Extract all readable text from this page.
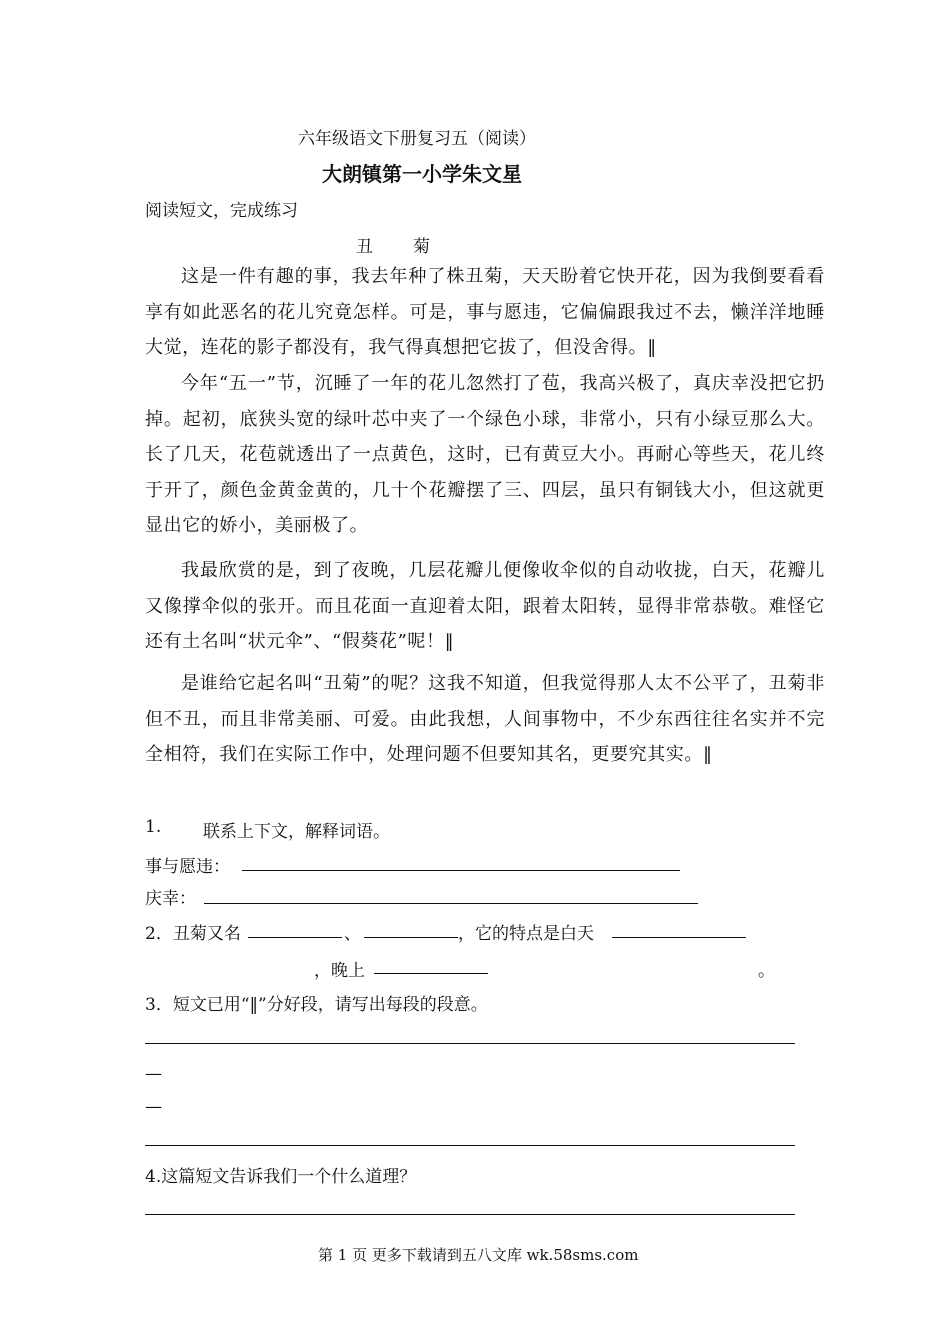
六年级语文下册复习五（阅读）
大朗镇第一小学朱文星
阅读短文，完成练习
丑 菊
这是一件有趣的事，我去年种了株丑菊，天天盼着它快开花，因为我倒要看看享有如此恶名的花儿究竟怎样。可是，事与愿违，它偏偏跟我过不去，懒洋洋地睡大觉，连花的影子都没有，我气得真想把它拔了，但没舍得。‖
今年“五一”节，沉睡了一年的花儿忽然打了苞，我高兴极了，真庆幸没把它扔掉。起初，底狭头宽的绿叶芯中夹了一个绿色小球，非常小，只有小绿豆那么大。长了几天，花苞就透出了一点黄色，这时，已有黄豆大小。再耐心等些天，花儿终于开了，颜色金黄金黄的，几十个花瓣摆了三、四层，虽只有铜钱大小，但这就更显出它的娇小，美丽极了。
我最欣赏的是，到了夜晚，几层花瓣儿便像收伞似的自动收拢，白天，花瓣儿又像撑伞似的张开。而且花面一直迎着太阳，跟着太阳转，显得非常恭敬。难怪它还有土名叫“状元伞”、“假葵花”呢！‖
是谁给它起名叫“丑菊”的呢？这我不知道，但我觉得那人太不公平了，丑菊非但不丑，而且非常美丽、可爱。由此我想，人间事物中，不少东西往往名实并不完全相符，我们在实际工作中，处理问题不但要知其名，更要究其实。‖
1. 联系上下文，解释词语。
事与愿违：
庆幸：
2．丑菊又名	、	，它的特点是白天
，晚上	。
3．短文已用“‖”分好段，请写出每段的段意。
—
—
4.这篇短文告诉我们一个什么道理？
第 1 页 更多下载请到五八文库 wk.58sms.com
